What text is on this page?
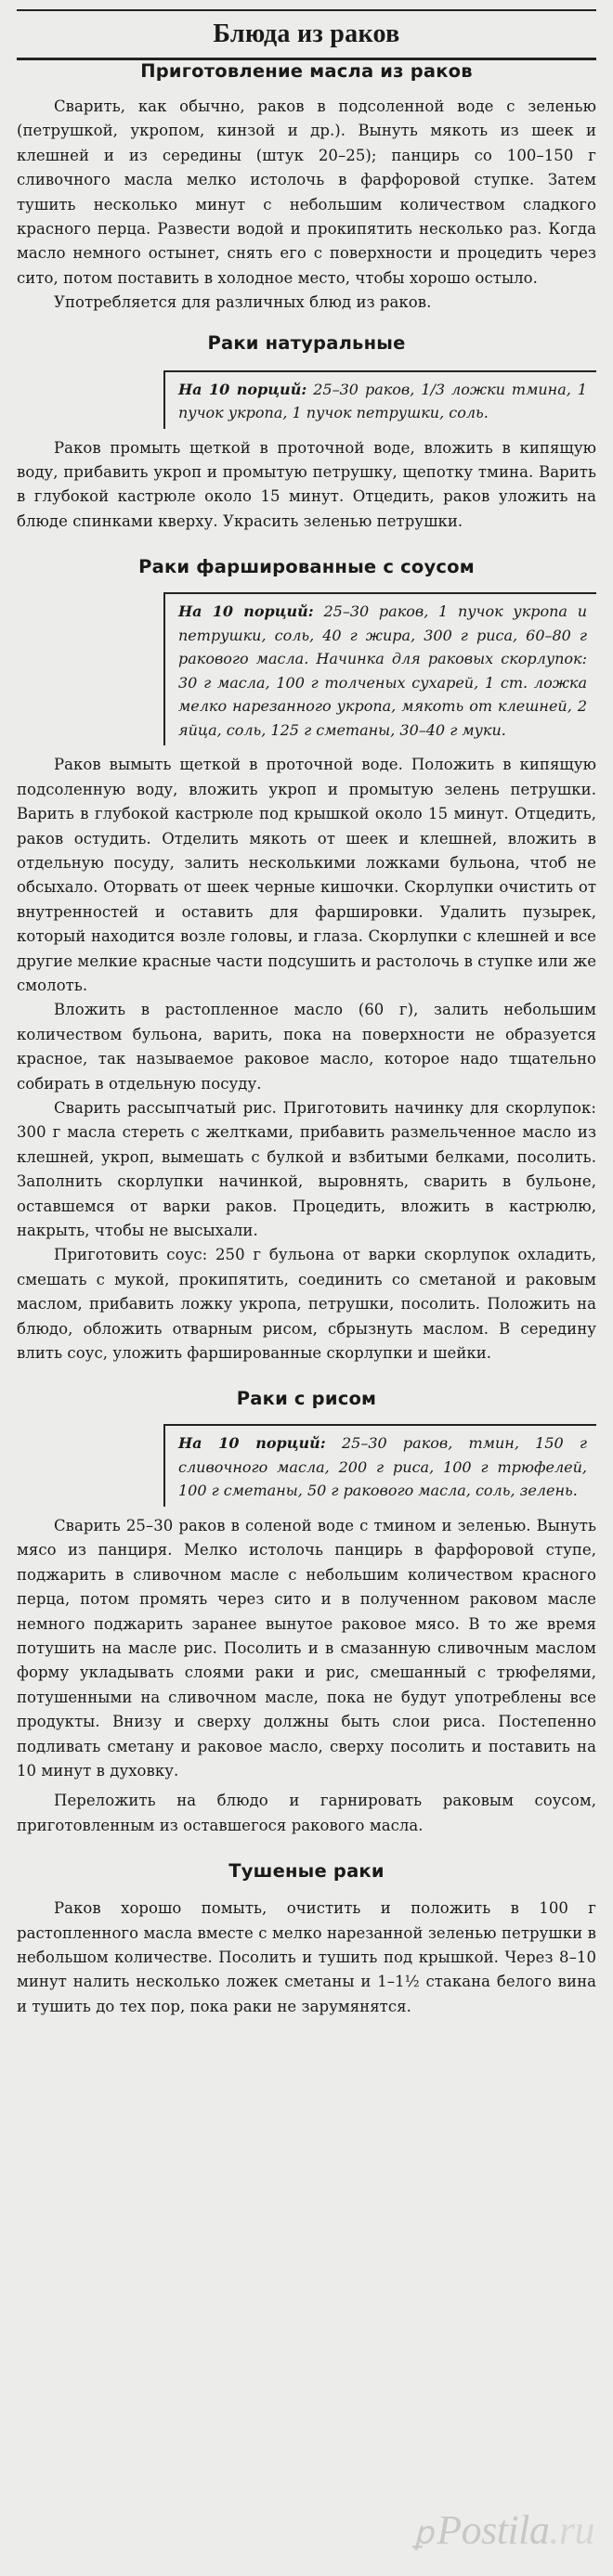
Блюда из раков
Приготовление масла из раков

Сварить, как обычно, раков в подсоленной воде с зеленью (петрушкой, укропом, кинзой и др.). Вынуть мякоть из шеек и клешней и из середины (штук 20–25); панцирь со 100–150 г сливочного масла мелко истолочь в фарфоровой ступке. Затем тушить несколько минут с небольшим количеством сладкого красного перца. Развести водой и прокипятить несколько раз. Когда масло немного остынет, снять его с поверхности и процедить через сито, потом поставить в холодное место, чтобы хорошо остыло.

Употребляется для различных блюд из раков.

Раки натуральные
На 10 порций: 25–30 раков, 1/3 ложки тмина, 1 пучок укропа, 1 пучок петрушки, соль.

Раков промыть щеткой в проточной воде, вложить в кипящую воду, прибавить укроп и промытую петрушку, щепотку тмина. Варить в глубокой кастрюле около 15 минут. Отцедить, раков уложить на блюде спинками кверху. Украсить зеленью петрушки.

Раки фаршированные с соусом
На 10 порций: 25–30 раков, 1 пучок укропа и петрушки, соль, 40 г жира, 300 г риса, 60–80 г ракового масла. Начинка для раковых скорлупок: 30 г масла, 100 г толченых сухарей, 1 ст. ложка мелко нарезанного укропа, мякоть от клешней, 2 яйца, соль, 125 г сметаны, 30–40 г муки.

Раков вымыть щеткой в проточной воде. Положить в кипящую подсоленную воду, вложить укроп и промытую зелень петрушки. Варить в глубокой кастрюле под крышкой около 15 минут. Отцедить, раков остудить. Отделить мякоть от шеек и клешней, вложить в отдельную посуду, залить несколькими ложками бульона, чтоб не обсыхало. Оторвать от шеек черные кишочки. Скорлупки очистить от внутренностей и оставить для фаршировки. Удалить пузырек, который находится возле головы, и глаза. Скорлупки с клешней и все другие мелкие красные части подсушить и растолочь в ступке или же смолоть.

Вложить в растопленное масло (60 г), залить небольшим количеством бульона, варить, пока на поверхности не образуется красное, так называемое раковое масло, которое надо тщательно собирать в отдельную посуду.

Сварить рассыпчатый рис. Приготовить начинку для скорлупок: 300 г масла стереть с желтками, прибавить размельченное масло из клешней, укроп, вымешать с булкой и взбитыми белками, посолить. Заполнить скорлупки начинкой, выровнять, сварить в бульоне, оставшемся от варки раков. Процедить, вложить в кастрюлю, накрыть, чтобы не высыхали.

Приготовить соус: 250 г бульона от варки скорлупок охладить, смешать с мукой, прокипятить, соединить со сметаной и раковым маслом, прибавить ложку укропа, петрушки, посолить. Положить на блюдо, обложить отварным рисом, сбрызнуть маслом. В середину влить соус, уложить фаршированные скорлупки и шейки.

Раки с рисом
На 10 порций: 25–30 раков, тмин, 150 г сливочного масла, 200 г риса, 100 г трюфелей, 100 г сметаны, 50 г ракового масла, соль, зелень.

Сварить 25–30 раков в соленой воде с тмином и зеленью. Вынуть мясо из панциря. Мелко истолочь панцирь в фарфоровой ступе, поджарить в сливочном масле с небольшим количеством красного перца, потом промять через сито и в полученном раковом масле немного поджарить заранее вынутое раковое мясо. В то же время потушить на масле рис. Посолить и в смазанную сливочным маслом форму укладывать слоями раки и рис, смешанный с трюфелями, потушенными на сливочном масле, пока не будут употреблены все продукты. Внизу и сверху должны быть слои риса. Постепенно подливать сметану и раковое масло, сверху посолить и поставить на 10 минут в духовку.

Переложить на блюдо и гарнировать раковым соусом, приготовленным из оставшегося ракового масла.

Тушеные раки

Раков хорошо помыть, очистить и положить в 100 г растопленного масла вместе с мелко нарезанной зеленью петрушки в небольшом количестве. Посолить и тушить под крышкой. Через 8–10 минут налить несколько ложек сметаны и 1–1½ стакана белого вина и тушить до тех пор, пока раки не зарумянятся.

ꝑPostila.ru
